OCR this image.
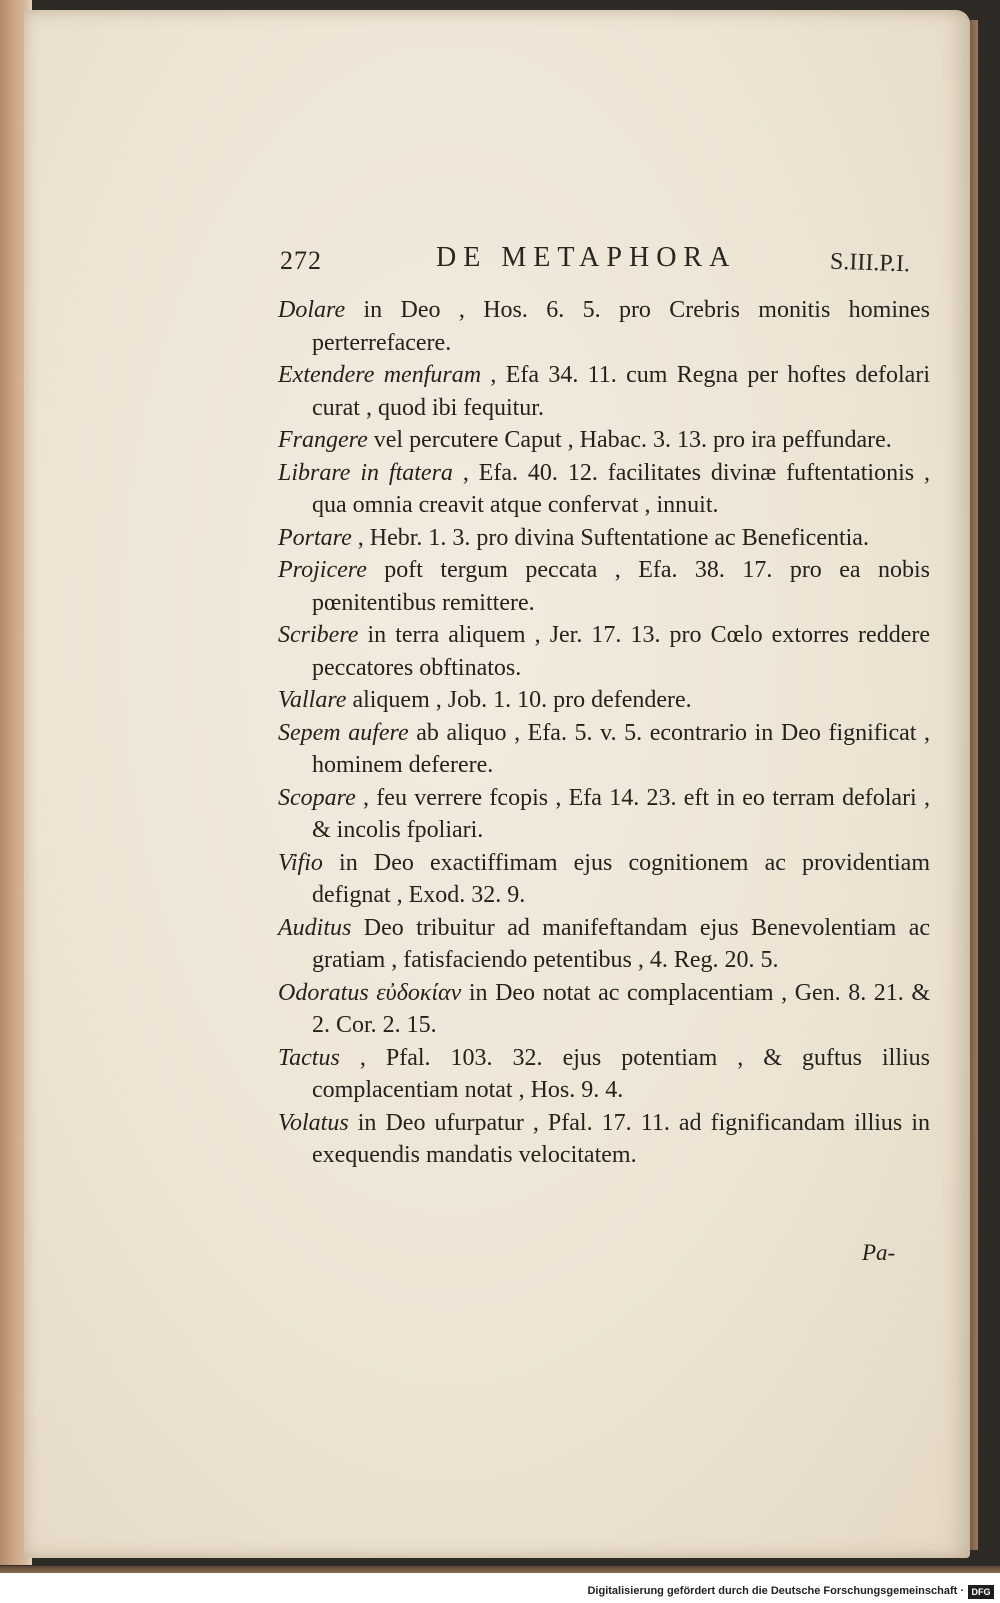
272	DE METAPHORA	S.III.P.I.

Dolare in Deo , Hos. 6. 5. pro Crebris monitis homines perterrefacere.

Extendere menfuram , Efa 34. 11. cum Regna per hoftes defolari curat , quod ibi fequitur.

Frangere vel percutere Caput , Habac. 3. 13. pro ira peffundare.

Librare in ftatera , Efa. 40. 12. facilitates divinæ fuftentationis , qua omnia creavit atque confervat , innuit.

Portare , Hebr. 1. 3. pro divina Suftentatione ac Beneficentia.

Projicere poft tergum peccata , Efa. 38. 17. pro ea nobis pœnitentibus remittere.

Scribere in terra aliquem , Jer. 17. 13. pro Cœlo extorres reddere peccatores obftinatos.

Vallare aliquem , Job. 1. 10. pro defendere.

Sepem aufere ab aliquo , Efa. 5. v. 5. econtrario in Deo fignificat , hominem deferere.

Scopare , feu verrere fcopis , Efa 14. 23. eft in eo terram defolari , & incolis fpoliari.

Vifio in Deo exactiffimam ejus cognitionem ac providentiam defignat , Exod. 32. 9.

Auditus Deo tribuitur ad manifeftandam ejus Benevolentiam ac gratiam , fatisfaciendo petentibus , 4. Reg. 20. 5.

Odoratus εὐδοκίαν in Deo notat ac complacentiam , Gen. 8. 21. & 2. Cor. 2. 15.

Tactus , Pfal. 103. 32. ejus potentiam , & guftus illius complacentiam notat , Hos. 9. 4.

Volatus in Deo ufurpatur , Pfal. 17. 11. ad fignificandam illius in exequendis mandatis velocitatem.

Pa-
Digitalisierung gefördert durch die Deutsche Forschungsgemeinschaft · DFG
